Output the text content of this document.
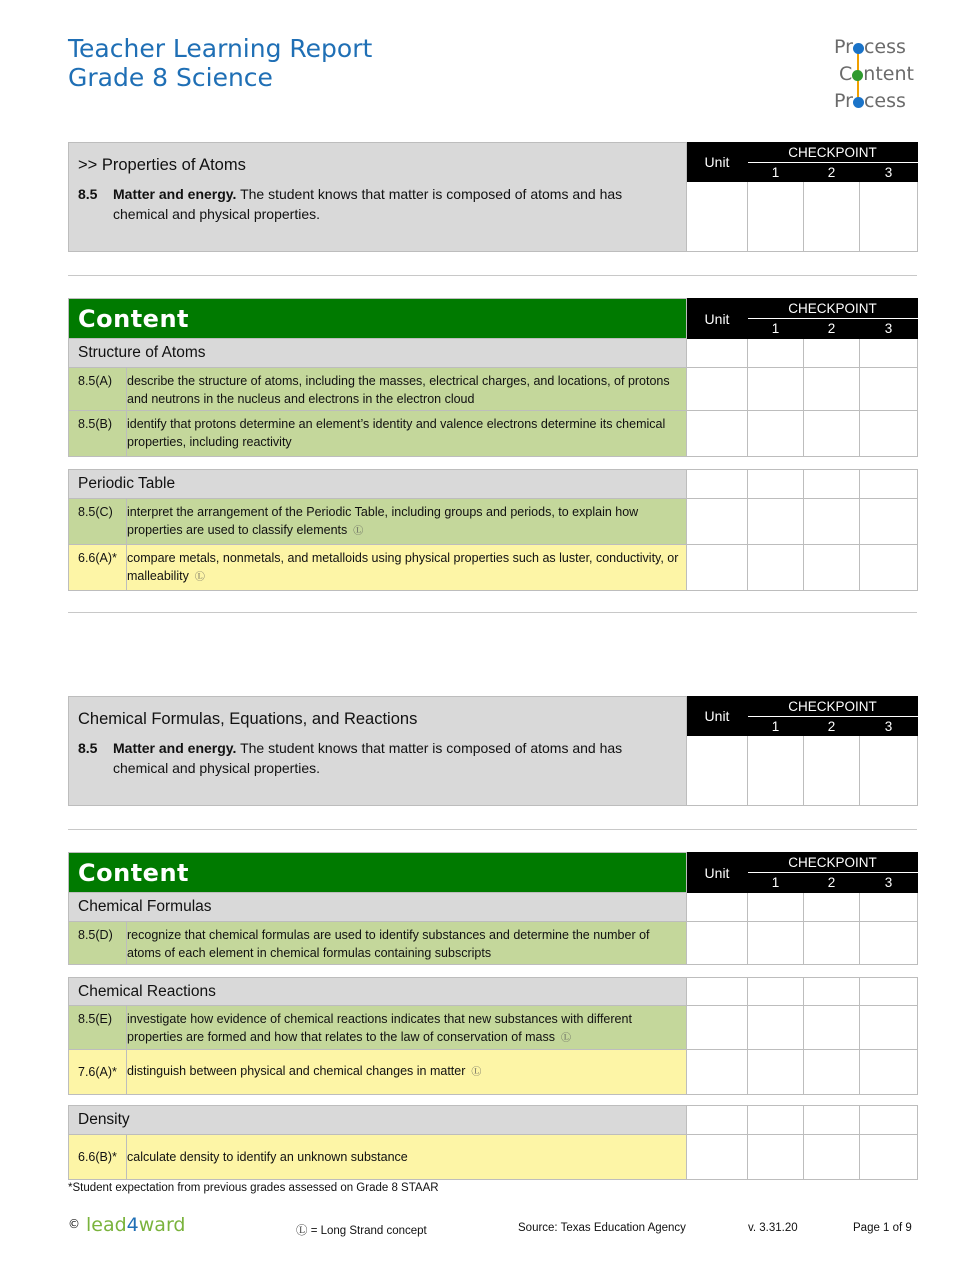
Teacher Learning Report
Grade 8 Science
Pr cess
C ntent
Pr cess
>> Properties of Atoms
8.5 Matter and energy. The student knows that matter is composed of atoms and has chemical and physical properties.	Unit	CHECKPOINT		
		1	2	3

Content		Unit	CHECKPOINT		
			1	2	3
Structure of Atoms					
8.5(A)	describe the structure of atoms, including the masses, electrical charges, and locations, of protons and neutrons in the nucleus and electrons in the electron cloud				
8.5(B)	identify that protons determine an element’s identity and valence electrons determine its chemical properties, including reactivity				
Periodic Table					
8.5(C)	interpret the arrangement of the Periodic Table, including groups and periods, to explain how properties are used to classify elements Ⓛ				
6.6(A)*	compare metals, nonmetals, and metalloids using physical properties such as luster, conductivity, or malleability Ⓛ				
Chemical Formulas, Equations, and Reactions
8.5 Matter and energy. The student knows that matter is composed of atoms and has chemical and physical properties.	Unit	CHECKPOINT		
		1	2	3

Content		Unit	CHECKPOINT		
			1	2	3
Chemical Formulas					
8.5(D)	recognize that chemical formulas are used to identify substances and determine the number of atoms of each element in chemical formulas containing subscripts				
Chemical Reactions					
8.5(E)	investigate how evidence of chemical reactions indicates that new substances with different properties are formed and how that relates to the law of conservation of mass Ⓛ				
7.6(A)*	distinguish between physical and chemical changes in matter Ⓛ				
Density					
6.6(B)*	calculate density to identify an unknown substance				
*Student expectation from previous grades assessed on Grade 8 STAAR
© lead4ward	Ⓛ = Long Strand concept	Source: Texas Education Agency	v. 3.31.20	Page 1 of 9
